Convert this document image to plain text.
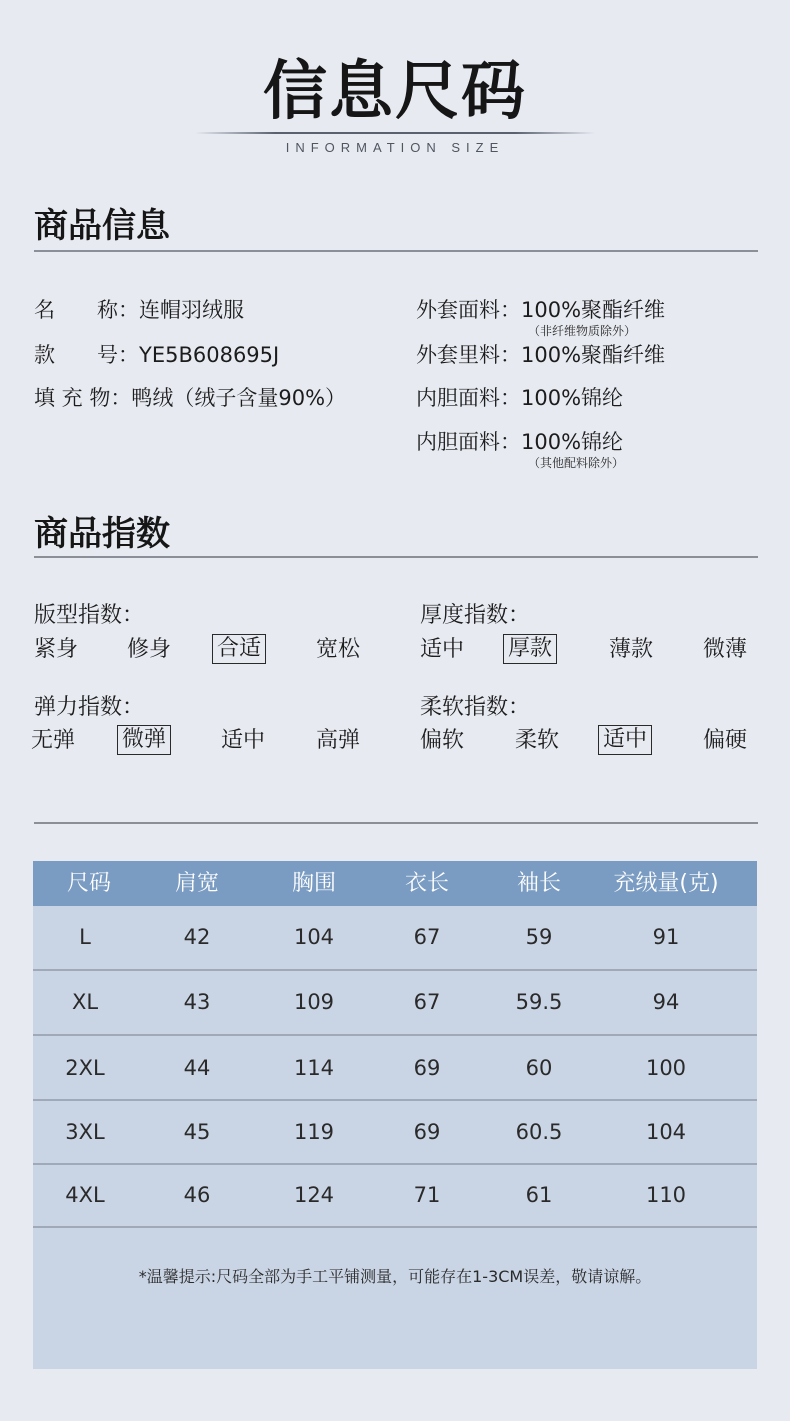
信息尺码
INFORMATION SIZE
商品信息
名　　称：连帽羽绒服
款　　号：YE5B608695J
填 充 物：鸭绒（绒子含量90%）
外套面料：100%聚酯纤维
（非纤维物质除外）
外套里料：100%聚酯纤维
内胆面料：100%锦纶
内胆面料：100%锦纶
（其他配料除外）
商品指数
版型指数：
紧身 修身 合适 宽松
厚度指数：
适中 厚款	薄款 微薄
弹力指数：
无弹 微弹 适中 高弹
柔软指数：
偏软 柔软 适中	偏硬
尺码	肩宽	胸围	衣长	袖长	充绒量(克)
L	42	104	67	59	91
XL	43	109	67	59.5	94
2XL	44	114	69	60	100
3XL	45	119	69	60.5	104
4XL	46	124	71	61	110
*温馨提示:尺码全部为手工平铺测量，可能存在1-3CM误差，敬请谅解。
